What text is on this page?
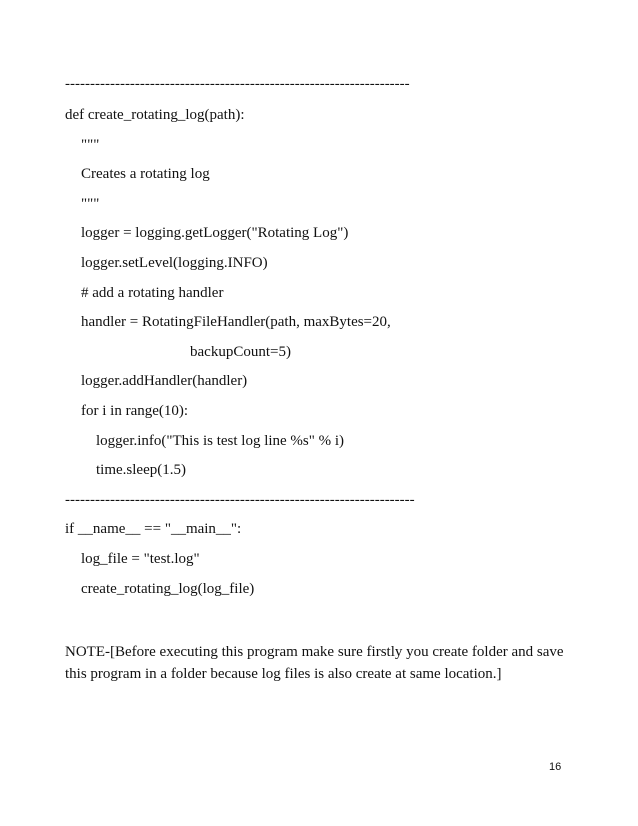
---------------------------------------------------------------------
def create_rotating_log(path):
"""
Creates a rotating log
"""
logger = logging.getLogger("Rotating Log")
logger.setLevel(logging.INFO)
# add a rotating handler
handler = RotatingFileHandler(path, maxBytes=20,
backupCount=5)
logger.addHandler(handler)
for i in range(10):
logger.info("This is test log line %s" % i)
time.sleep(1.5)
----------------------------------------------------------------------
if __name__ == "__main__":
log_file = "test.log"
create_rotating_log(log_file)
NOTE-[Before executing this program make sure firstly you create folder and save this program in a folder because log files is also create at same location.]
16
